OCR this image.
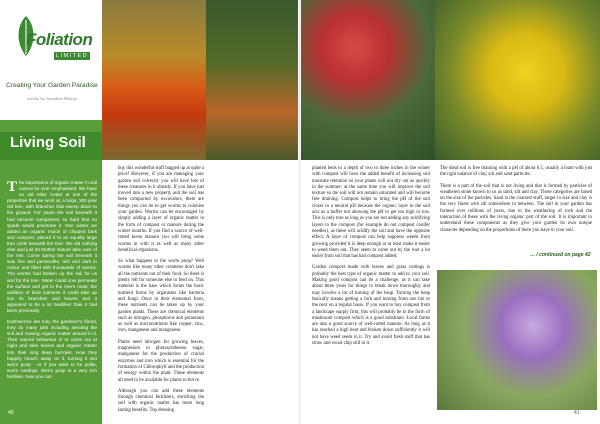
Foliation
LIMITED
Creating Your Garden Paradise
article by Jonathan Bishop
Living Soil

The importance of organic matter in soil cannot be over emphasised. We have an old Atlas Cedar at one of the properties that we work at, a large, 200 year old tree, with branches that sweep down to the ground. For years the soil beneath it had become compacted, so hard that no spade would penetrate it. One winter we added an organic mulch of chipped bark and compost, placed it to an equally large tree circle beneath the tree. We did nothing else and just let Mother Nature take care of the rest. Come spring the soil beneath it was fine and penetrable, rich and dark in colour and filled with thousands of worms. The worms had broken up the soil for us and for the tree. Water could now permeate the surface and get to the tree's roots; the addition of food nutrients it could take up into its branches and leaves and it appeared to be a lot healthier than it had been previously.

Earthworms are truly the gardener's friend, they do many jobs including aerating the soil and moving organic matter around in it. Their natural behaviour is to come out at night and take leaves and organic matter into their long deep burrows. How they happily munch away on it, turning it into worm poop - or if you want to be polite, worm castings. Worm poop is a very rich fertiliser. Now you can

40

buy this wonderful stuff bagged up at quite a price! However, if you are managing your garden soil correctly you will have lots of these creatures in it already. If you have just moved into a new property and the soil has been compacted by excavators, there are things you can do to get worms to colonise your garden. Worms can be encouraged by simply adding a layer of organic matter in the form of compost or manure during the winter months. If you find a source of well-rotted horse manure you will bring some worms in with it as well as many other beneficial organisms.

So what happens to the worm poop? Well worms like many other creatures don't take all the nutrients out of their food. So there is plenty left for someone else to feed on. This material is the base which forms the basic nutrient forms by organisms like bacteria and fungi. Once in their elemental form, these nutrients can be taken up by your garden plants. These are chemical elements such as nitrogen, phosphorus and potassium as well as micronutrients like copper, zinc, iron, manganese and manganese.

Plants need nitrogen for growing leaves, magnesium to photosynthesise sugar, manganese for the production of crucial enzymes and iron which is essential for the formation of Chlorophyll and the production of energy within the plant. These elements all need to be available for plants to thrive.

Although you can add these elements through chemical fertilisers, enriching the soil with organic matter has more long lasting benefits. Top dressing

planted beds to a depth of two to three inches in the winter with compost will have the added benefit of increasing soil moisture retention so your plants will not dry out as quickly in the summer; at the same time you will improve the soil texture so the soil will not remain saturated and will become free draining. Compost helps to bring the pH of the soil closer to a neutral pH because the organic layer in the soil acts as a buffer not allowing the pH to get too high or low. This is only true as long as you are not adding any acidifying layers to the compost (for example do not compost conifer needles), as these will acidify the soil and have the opposite effect. A layer of compost can help suppress weeds from growing provided it is deep enough or at least make it easier to weed them out. They seem to come out by the root a lot easier from soil that has had compost added.

Garden compost made with leaves and grass cuttings is probably the best type of organic matter to add to your soil. Making good compost can be a challenge, as it can take about three years for things to break down thoroughly and may involve a lot of turning of the heap. Turning the heap basically means getting a fork and turning from one bin to the next on a regular basis. If you want to buy compost from a landscape supply firm, this will probably be in the form of mushroom compost which is a good substitute. Local farms are also a good source of well-rotted manure. As long as it has reached a high heat and broken down sufficiently it will not have weed seeds in it. Try and avoid fresh stuff that has straw and wood chip still in it.

The ideal soil is free draining with a pH of about 6.5, usually a loam with just the right balance of clay, silt and sand particles.

There is a part of the soil that is not living and that is formed by particles of weathered stone known to us as sand, silt and clay. These categories are based on the size of the particles. Sand is the coarsest stuff, larger in size and clay is the very finest with silt somewhere in between. The soil in your garden has formed over millions of years, due to the weathering of rock and the interaction of these with the living organic part of the soil. It is important to understand these components as they give your garden its own unique character depending on the proportions of them you have in your soil.

… / continued on page 42
41
